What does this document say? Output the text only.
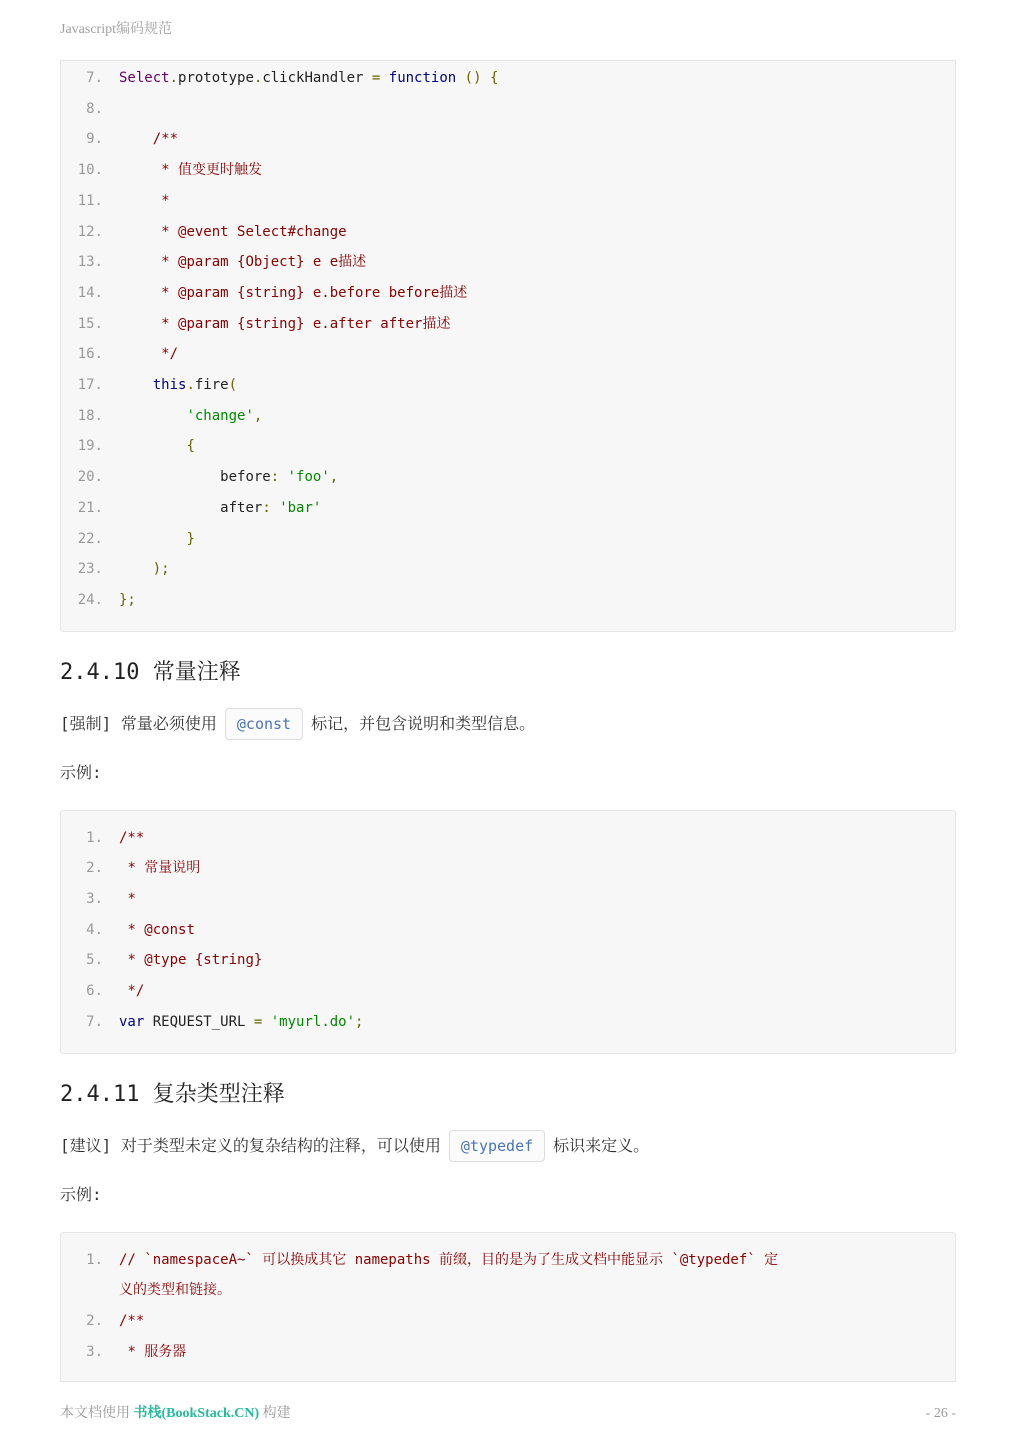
Javascript编码规范
7. Select.prototype.clickHandler = function () {
8.
9.	/**
10.	* 值变更时触发
11.	*
12.	* @event Select#change
13.	* @param {Object} e e描述
14.	* @param {string} e.before before描述
15.	* @param {string} e.after after描述
16.	*/
17.	this.fire(
18.	'change',
19.	{
20. before: 'foo',
21. after: 'bar'
22.	}
23.	);
24. };
2.4.10 常量注释

[强制] 常量必须使用	@const	标记，并包含说明和类型信息。

示例:

1. /**
2.	* 常量说明
3.	*
4.	* @const
5.	* @type {string}
6.	*/
7. var REQUEST_URL = 'myurl.do';
2.4.11 复杂类型注释

[建议] 对于类型未定义的复杂结构的注释，可以使用	@typedef	标识来定义。

示例:

1. // `namespaceA~` 可以换成其它 namepaths 前缀，目的是为了生成文档中能显示 `@typedef` 定
义的类型和链接。
2. /**
3.	* 服务器
本文档使用 书栈(BookStack.CN) 构建	- 26 -
